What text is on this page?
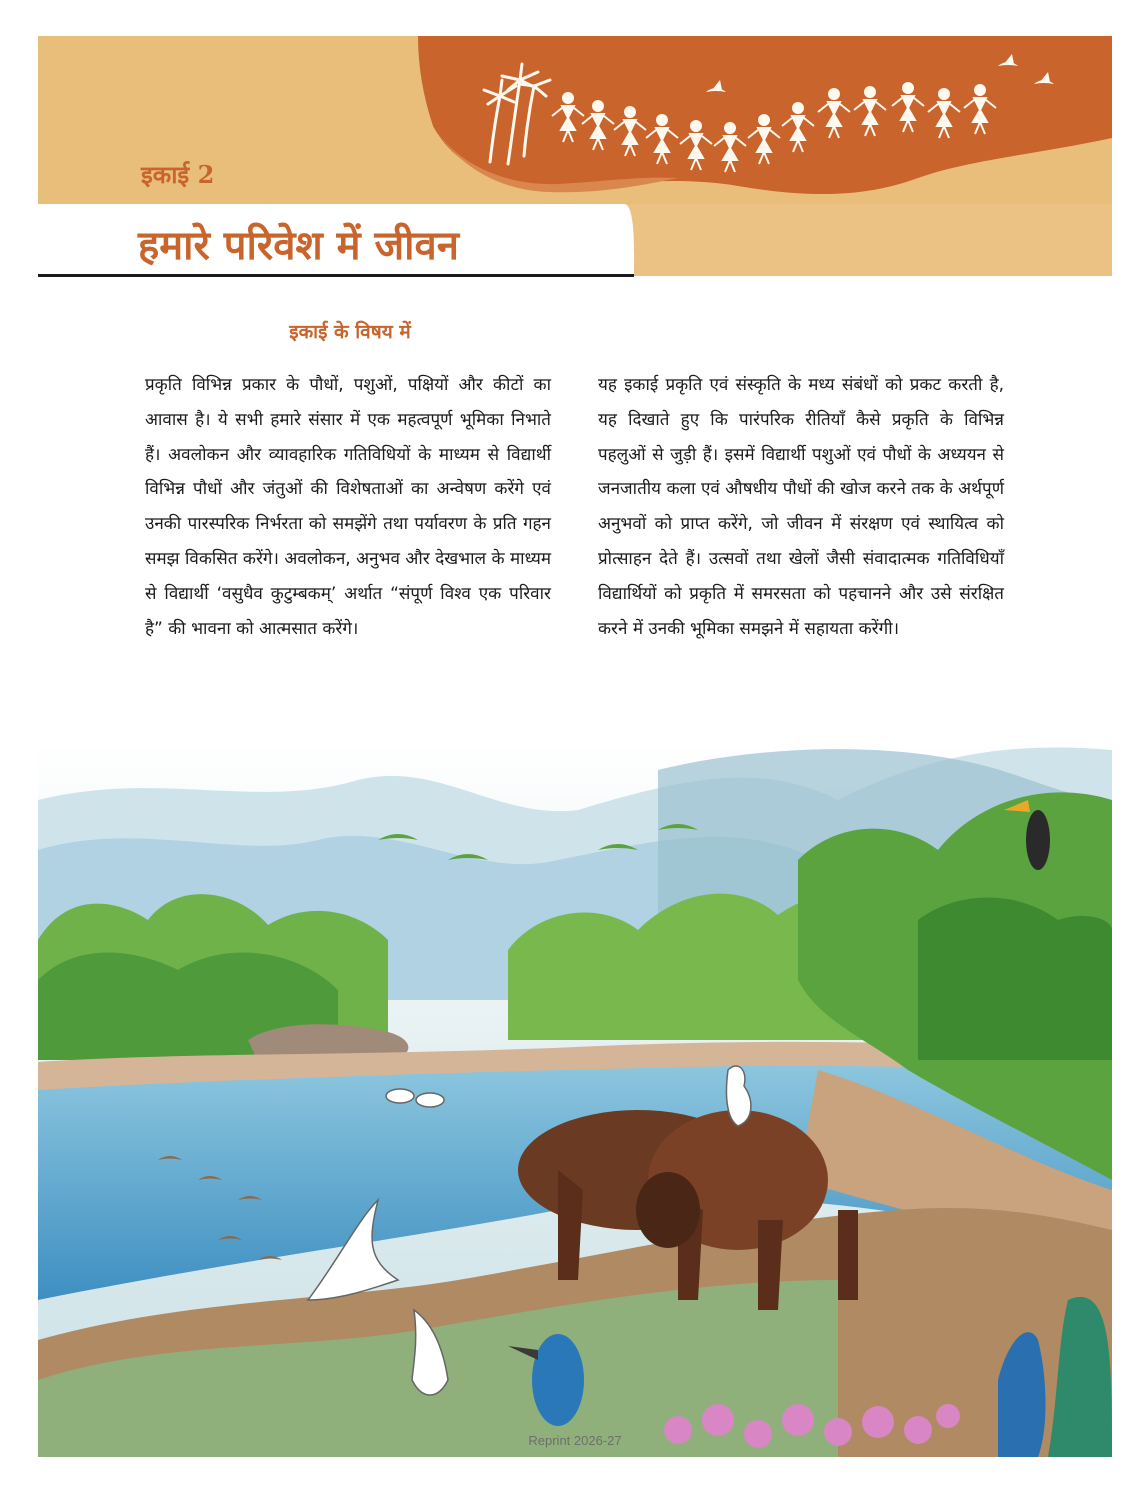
इकाई 2
हमारे परिवेश में जीवन
इकाई के विषय में

प्रकृति विभिन्न प्रकार के पौधों, पशुओं, पक्षियों और कीटों का आवास है। ये सभी हमारे संसार में एक महत्वपूर्ण भूमिका निभाते हैं। अवलोकन और व्यावहारिक गतिविधियों के माध्यम से विद्यार्थी विभिन्न पौधों और जंतुओं की विशेषताओं का अन्वेषण करेंगे एवं उनकी पारस्परिक निर्भरता को समझेंगे तथा पर्यावरण के प्रति गहन समझ विकसित करेंगे। अवलोकन, अनुभव और देखभाल के माध्यम से विद्यार्थी ‘वसुधैव कुटुम्बकम्’ अर्थात “संपूर्ण विश्व एक परिवार है” की भावना को आत्मसात करेंगे।

यह इकाई प्रकृति एवं संस्कृति के मध्य संबंधों को प्रकट करती है, यह दिखाते हुए कि पारंपरिक रीतियाँ कैसे प्रकृति के विभिन्न पहलुओं से जुड़ी हैं। इसमें विद्यार्थी पशुओं एवं पौधों के अध्ययन से जनजातीय कला एवं औषधीय पौधों की खोज करने तक के अर्थपूर्ण अनुभवों को प्राप्त करेंगे, जो जीवन में संरक्षण एवं स्थायित्व को प्रोत्साहन देते हैं। उत्सवों तथा खेलों जैसी संवादात्मक गतिविधियाँ विद्यार्थियों को प्रकृति में समरसता को पहचानने और उसे संरक्षित करने में उनकी भूमिका समझने में सहायता करेंगी।

Reprint 2026-27
